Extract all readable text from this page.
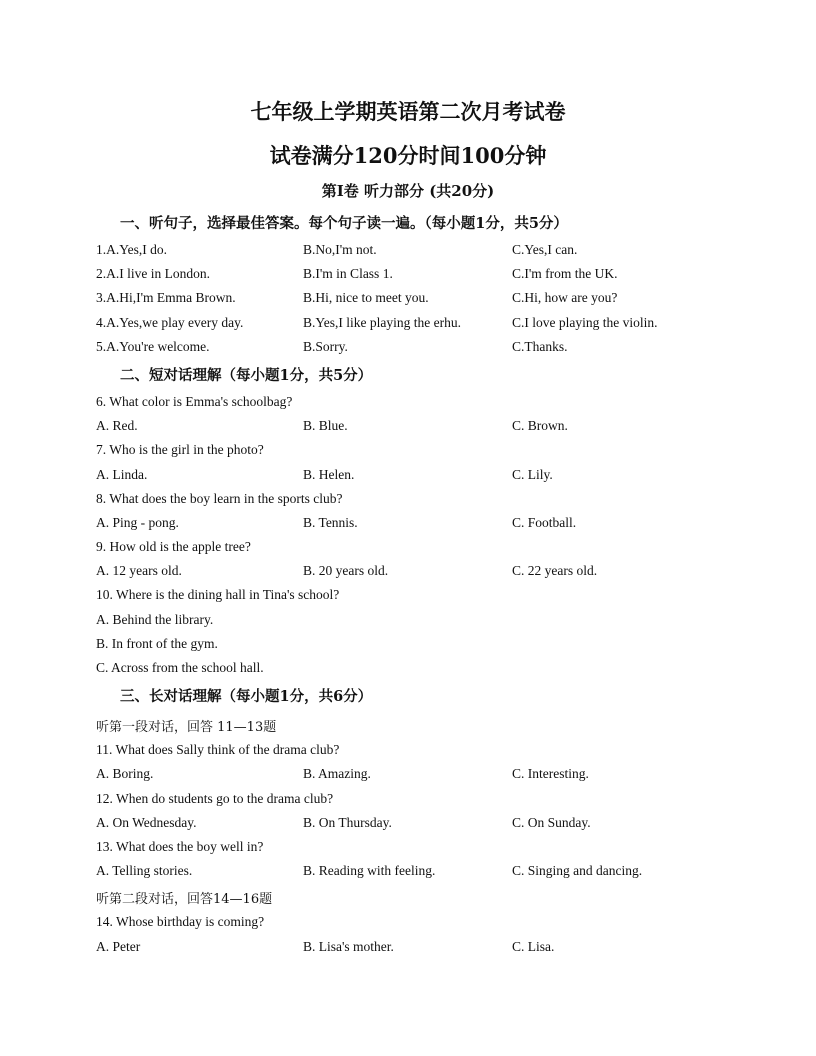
七年级上学期英语第二次月考试卷
试卷满分120分时间100分钟
第Ⅰ卷 听力部分 (共20分)
一、听句子，选择最佳答案。每个句子读一遍。（每小题1分，共5分）
1.A.Yes,I do.	B.No,I'm not.	C.Yes,I can.
2.A.I live in London.	B.I'm in Class 1.	C.I'm from the UK.
3.A.Hi,I'm Emma Brown.	B.Hi, nice to meet you.	C.Hi, how are you?
4.A.Yes,we play every day.	B.Yes,I like playing the erhu.	C.I love playing the violin.
5.A.You're welcome.	B.Sorry.	C.Thanks.
二、短对话理解（每小题1分，共5分）
6. What color is Emma's schoolbag?
A. Red.	B. Blue.	C. Brown.
7. Who is the girl in the photo?
A. Linda.	B. Helen.	C. Lily.
8. What does the boy learn in the sports club?
A. Ping - pong.	B. Tennis.	C. Football.
9. How old is the apple tree?
A. 12 years old.	B. 20 years old.	C. 22 years old.
10. Where is the dining hall in Tina's school?
A. Behind the library.
B. In front of the gym.
C. Across from the school hall.
三、长对话理解（每小题1分，共6分）
听第一段对话，回答 11—13题
11. What does Sally think of the drama club?
A. Boring.	B. Amazing.	C. Interesting.
12. When do students go to the drama club?
A. On Wednesday.	B. On Thursday.	C. On Sunday.
13. What does the boy well in?
A. Telling stories.	B. Reading with feeling.	C. Singing and dancing.
听第二段对话，回答14—16题
14. Whose birthday is coming?
A. Peter	B. Lisa's mother.	C. Lisa.
